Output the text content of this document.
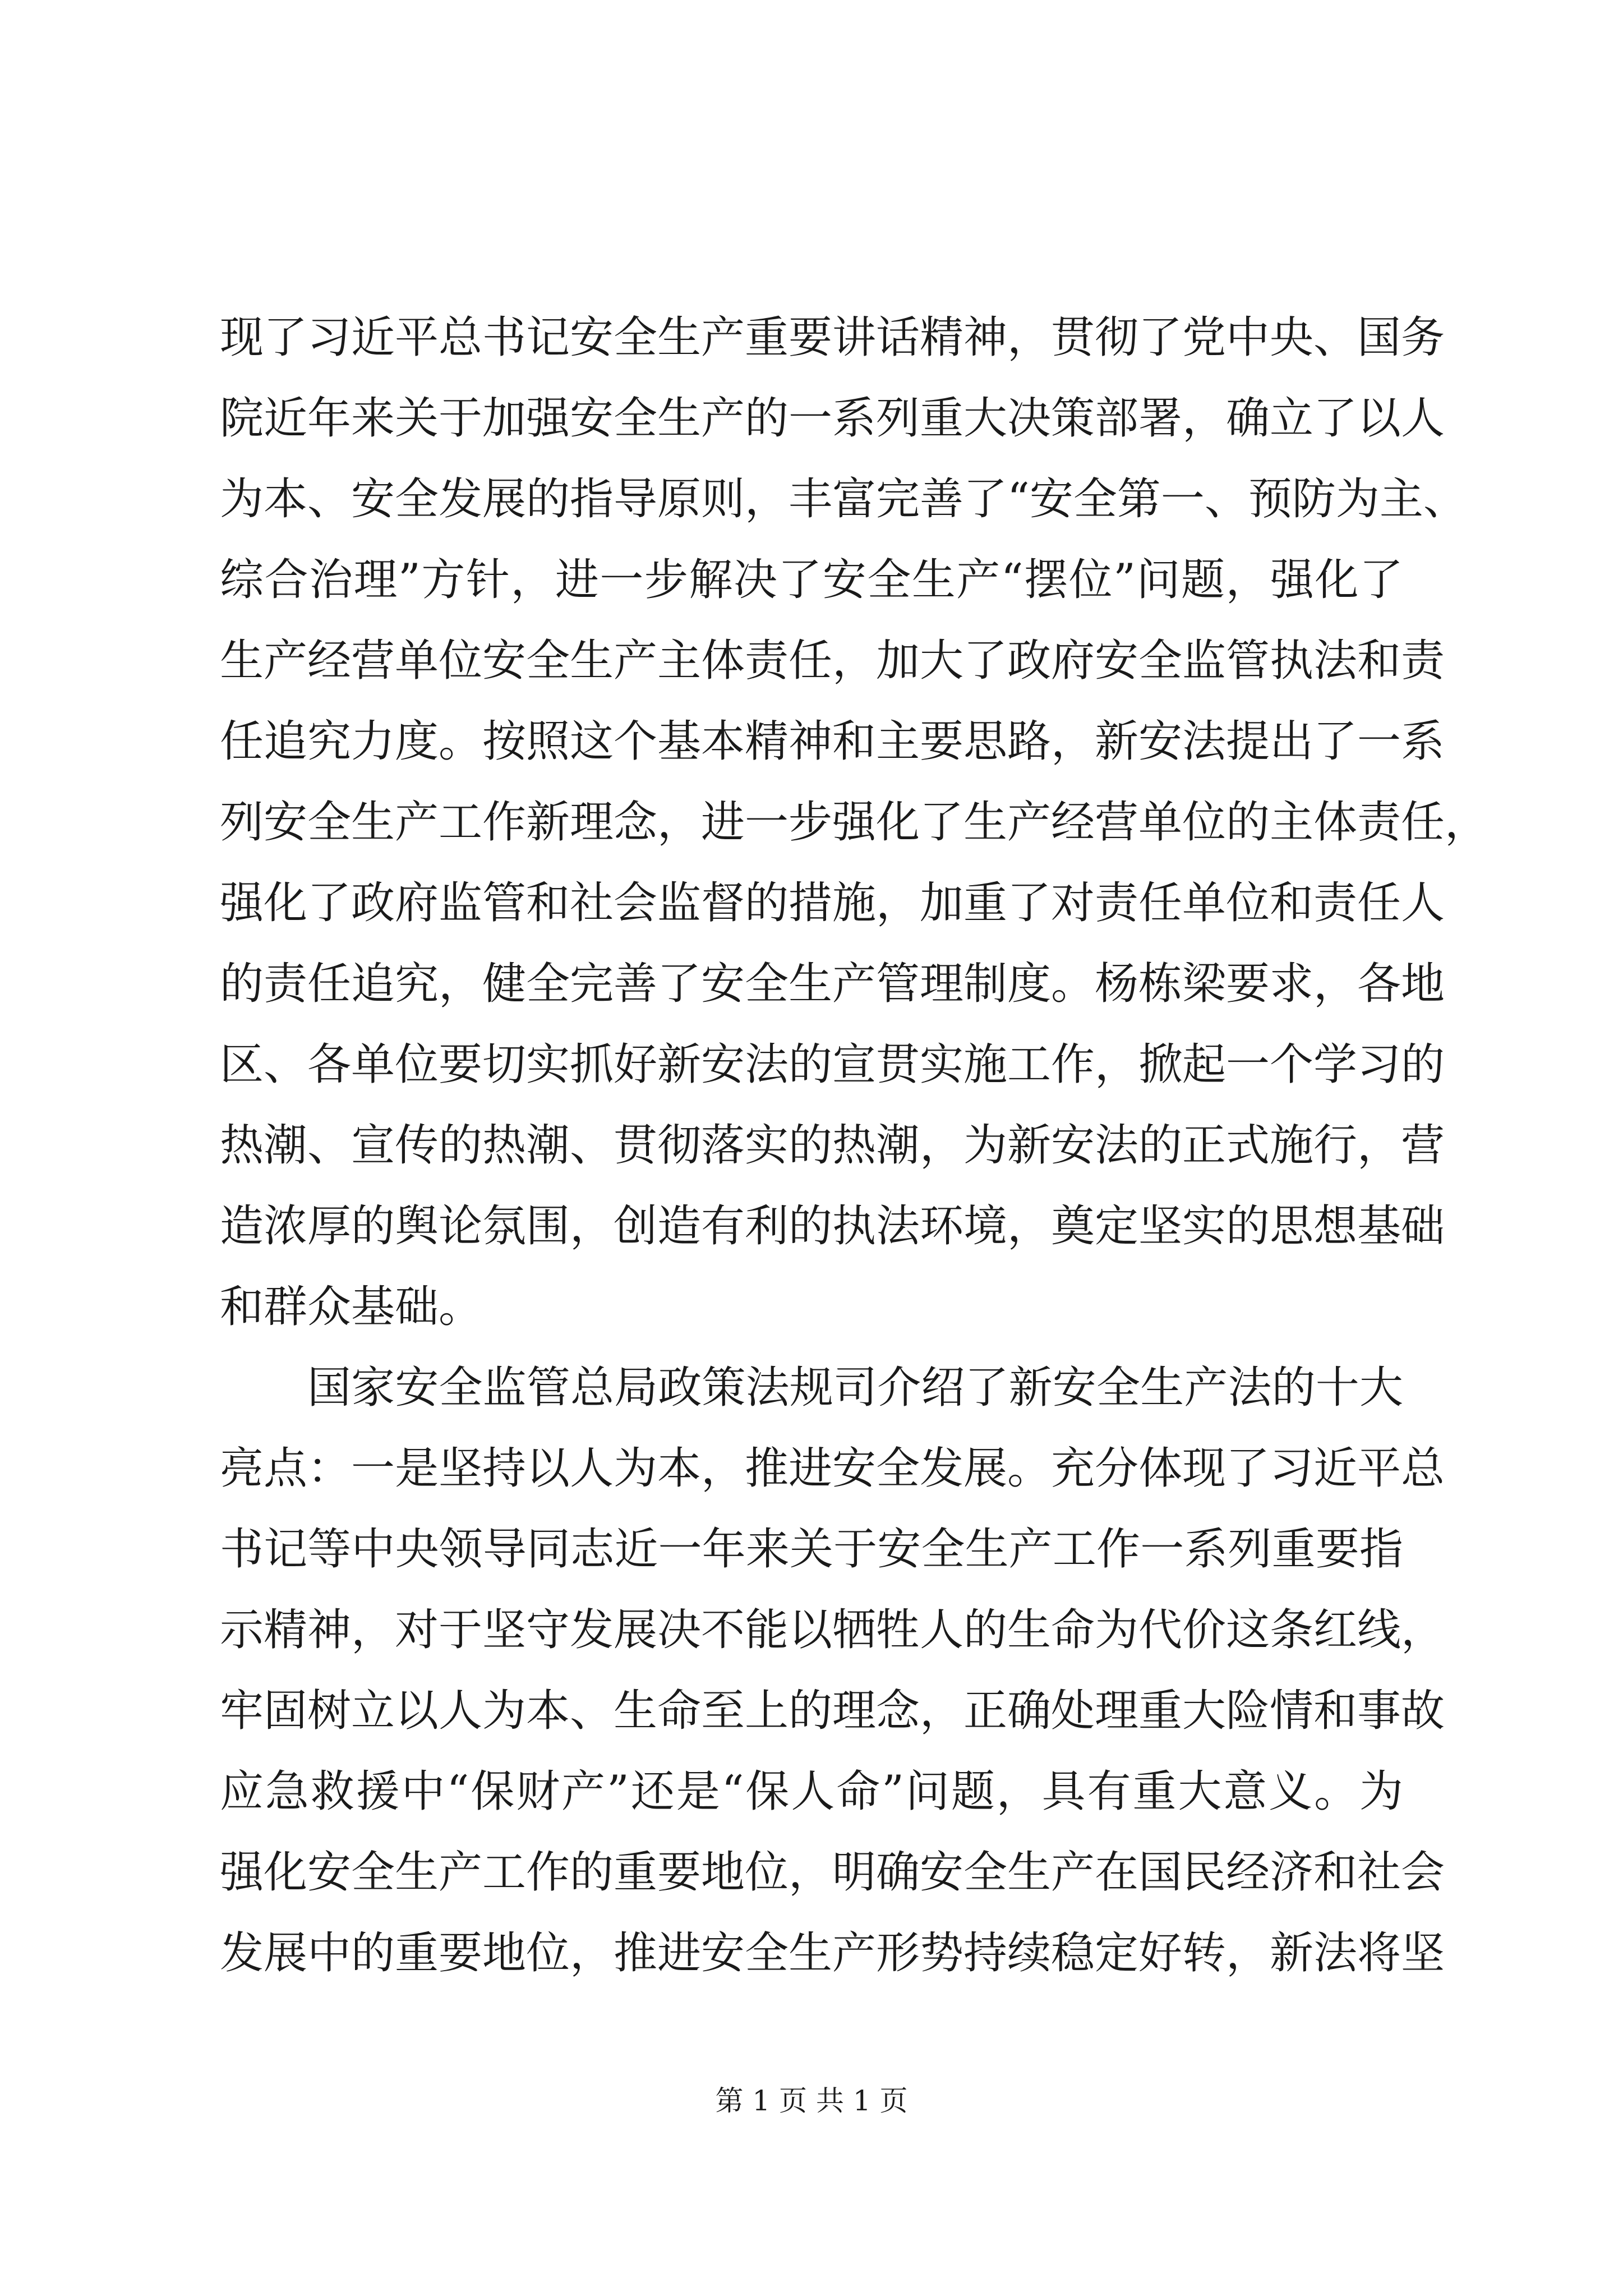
现了习近平总书记安全生产重要讲话精神，贯彻了党中央、国务
院近年来关于加强安全生产的一系列重大决策部署，确立了以人
为本、安全发展的指导原则，丰富完善了“安全第一、预防为主、
综合治理”方针，进一步解决了安全生产“摆位”问题，强化了
生产经营单位安全生产主体责任，加大了政府安全监管执法和责
任追究力度。按照这个基本精神和主要思路，新安法提出了一系
列安全生产工作新理念，进一步强化了生产经营单位的主体责任，
强化了政府监管和社会监督的措施，加重了对责任单位和责任人
的责任追究，健全完善了安全生产管理制度。杨栋梁要求，各地
区、各单位要切实抓好新安法的宣贯实施工作，掀起一个学习的
热潮、宣传的热潮、贯彻落实的热潮，为新安法的正式施行，营
造浓厚的舆论氛围，创造有利的执法环境，奠定坚实的思想基础
和群众基础。
国家安全监管总局政策法规司介绍了新安全生产法的十大
亮点：一是坚持以人为本，推进安全发展。充分体现了习近平总
书记等中央领导同志近一年来关于安全生产工作一系列重要指
示精神，对于坚守发展决不能以牺牲人的生命为代价这条红线，
牢固树立以人为本、生命至上的理念，正确处理重大险情和事故
应急救援中“保财产”还是“保人命”问题，具有重大意义。为
强化安全生产工作的重要地位，明确安全生产在国民经济和社会
发展中的重要地位，推进安全生产形势持续稳定好转，新法将坚
第 1 页 共 1 页
